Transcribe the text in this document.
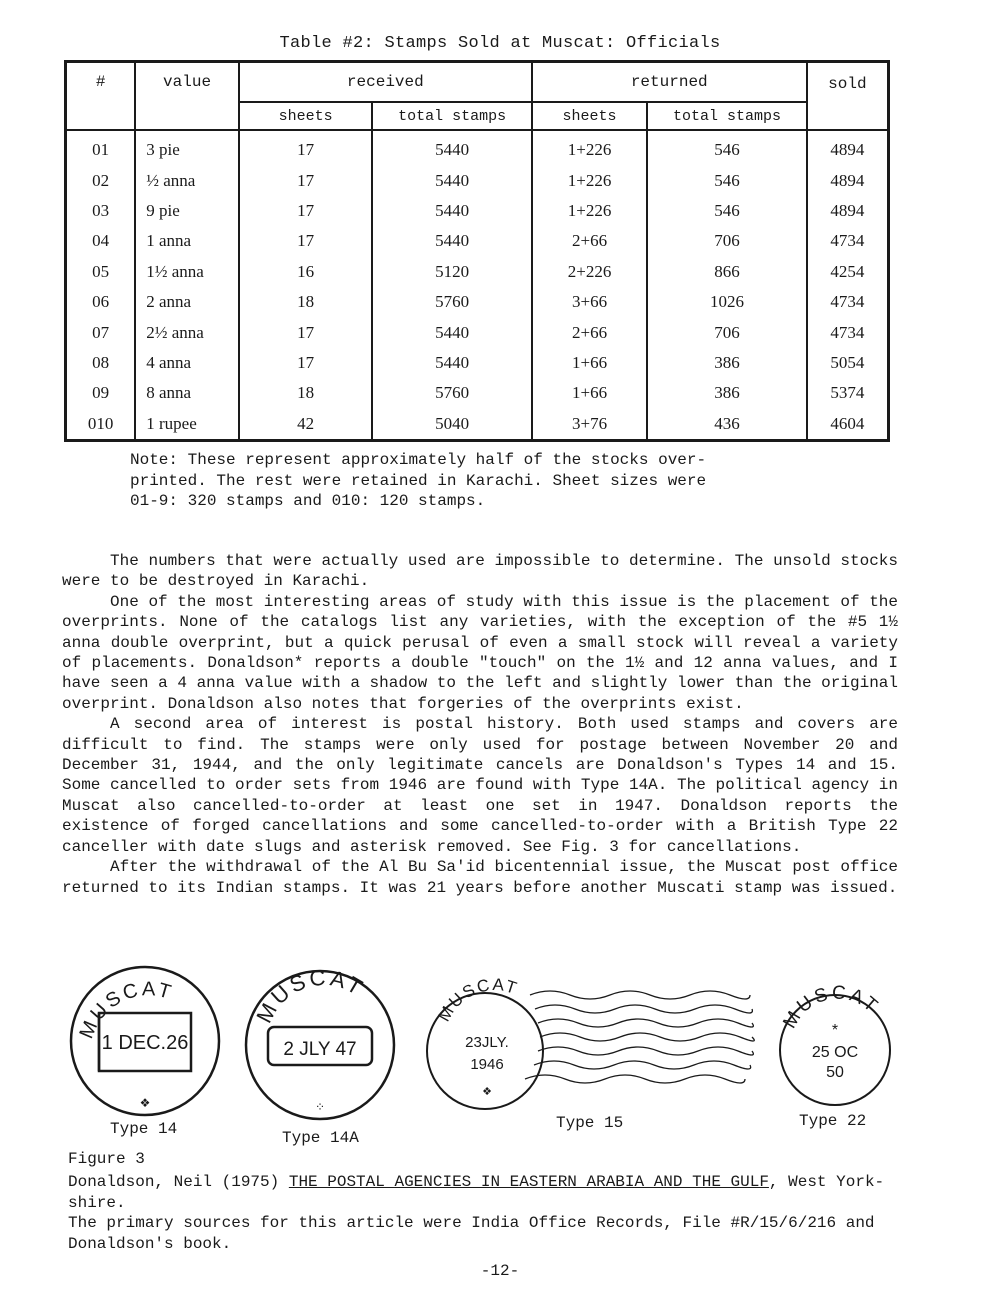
Table #2: Stamps Sold at Muscat: Officials
#	value	received		returned		sold
		sheets	total stamps	sheets	total stamps	
01	3 pie	17	5440	1+226	546	4894
02	½ anna	17	5440	1+226	546	4894
03	9 pie	17	5440	1+226	546	4894
04	1 anna	17	5440	2+66	706	4734
05	1½ anna	16	5120	2+226	866	4254
06	2 anna	18	5760	3+66	1026	4734
07	2½ anna	17	5440	2+66	706	4734
08	4 anna	17	5440	1+66	386	5054
09	8 anna	18	5760	1+66	386	5374
010	1 rupee	42	5040	3+76	436	4604
Note: These represent approximately half of the stocks over-
printed. The rest were retained in Karachi. Sheet sizes were
01-9: 320 stamps and 010: 120 stamps.

The numbers that were actually used are impossible to determine. The unsold stocks were to be destroyed in Karachi.

One of the most interesting areas of study with this issue is the placement of the overprints. None of the catalogs list any varieties, with the exception of the #5 1½ anna double overprint, but a quick perusal of even a small stock will reveal a variety of placements. Donaldson* reports a double "touch" on the 1½ and 12 anna values, and I have seen a 4 anna value with a shadow to the left and slightly lower than the original overprint. Donaldson also notes that forgeries of the overprints exist.

A second area of interest is postal history. Both used stamps and covers are difficult to find. The stamps were only used for postage between November 20 and December 31, 1944, and the only legitimate cancels are Donaldson's Types 14 and 15. Some cancelled to order sets from 1946 are found with Type 14A. The political agency in Muscat also cancelled-to-order at least one set in 1947. Donaldson reports the existence of forged cancellations and some cancelled-to-order with a British Type 22 canceller with date slugs and asterisk removed. See Fig. 3 for cancellations.

After the withdrawal of the Al Bu Sa'id bicentennial issue, the Muscat post office returned to its Indian stamps. It was 21 years before another Muscati stamp was issued.

MUSCAT
1 DEC.26
❖
MUSCAT
2 JLY 47
⁘
MUSCAT
23JLY.
1946
❖
MUSCAT
*
25 OC
50
Type 14	Type 14A
Type 15	Type 22
Figure 3

Donaldson, Neil (1975) THE POSTAL AGENCIES IN EASTERN ARABIA AND THE GULF, West York-shire.

The primary sources for this article were India Office Records, File #R/15/6/216 and Donaldson's book.

-12-
